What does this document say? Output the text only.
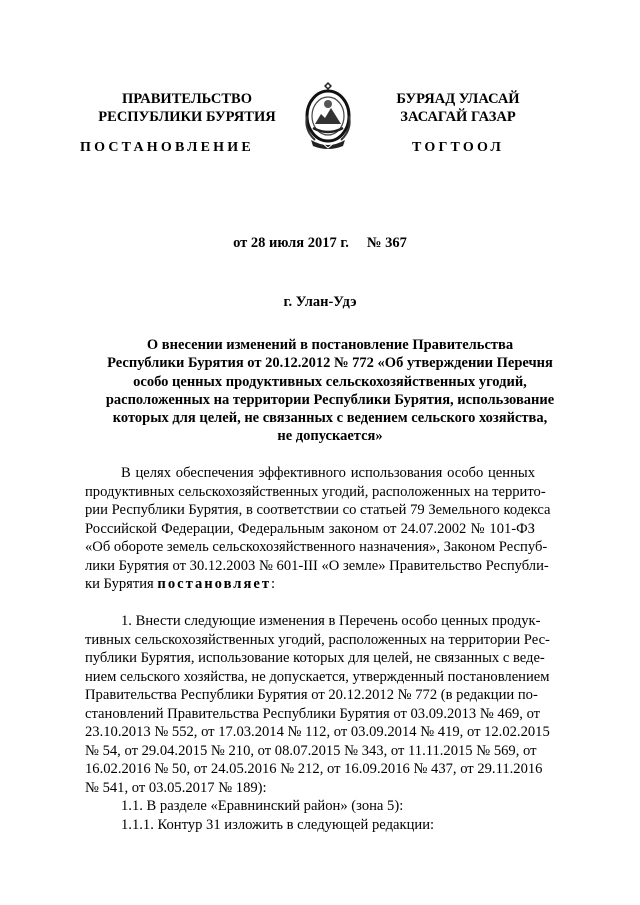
ПРАВИТЕЛЬСТВО
РЕСПУБЛИКИ БУРЯТИЯ
БУРЯАД УЛАСАЙ
ЗАСАГАЙ ГАЗАР
ПОСТАНОВЛЕНИЕ	ТОГТООЛ
от 28 июля 2017 г. № 367
г. Улан-Удэ
О внесении изменений в постановление Правительства
Республики Бурятия от 20.12.2012 № 772 «Об утверждении Перечня
особо ценных продуктивных сельскохозяйственных угодий,
расположенных на территории Республики Бурятия, использование
которых для целей, не связанных с ведением сельского хозяйства,
не допускается»
В целях обеспечения эффективного использования особо ценных
продуктивных сельскохозяйственных угодий, расположенных на террито-
рии Республики Бурятия, в соответствии со статьей 79 Земельного кодекса
Российской Федерации, Федеральным законом от 24.07.2002 № 101-ФЗ
«Об обороте земель сельскохозяйственного назначения», Законом Респуб-
лики Бурятия от 30.12.2003 № 601-III «О земле» Правительство Республи-
ки Бурятия постановляет:
1. Внести следующие изменения в Перечень особо ценных продук-
тивных сельскохозяйственных угодий, расположенных на территории Рес-
публики Бурятия, использование которых для целей, не связанных с веде-
нием сельского хозяйства, не допускается, утвержденный постановлением
Правительства Республики Бурятия от 20.12.2012 № 772 (в редакции по-
становлений Правительства Республики Бурятия от 03.09.2013 № 469, от
23.10.2013 № 552, от 17.03.2014 № 112, от 03.09.2014 № 419, от 12.02.2015
№ 54, от 29.04.2015 № 210, от 08.07.2015 № 343, от 11.11.2015 № 569, от
16.02.2016 № 50, от 24.05.2016 № 212, от 16.09.2016 № 437, от 29.11.2016
№ 541, от 03.05.2017 № 189):
1.1. В разделе «Еравнинский район» (зона 5):
1.1.1. Контур 31 изложить в следующей редакции:
